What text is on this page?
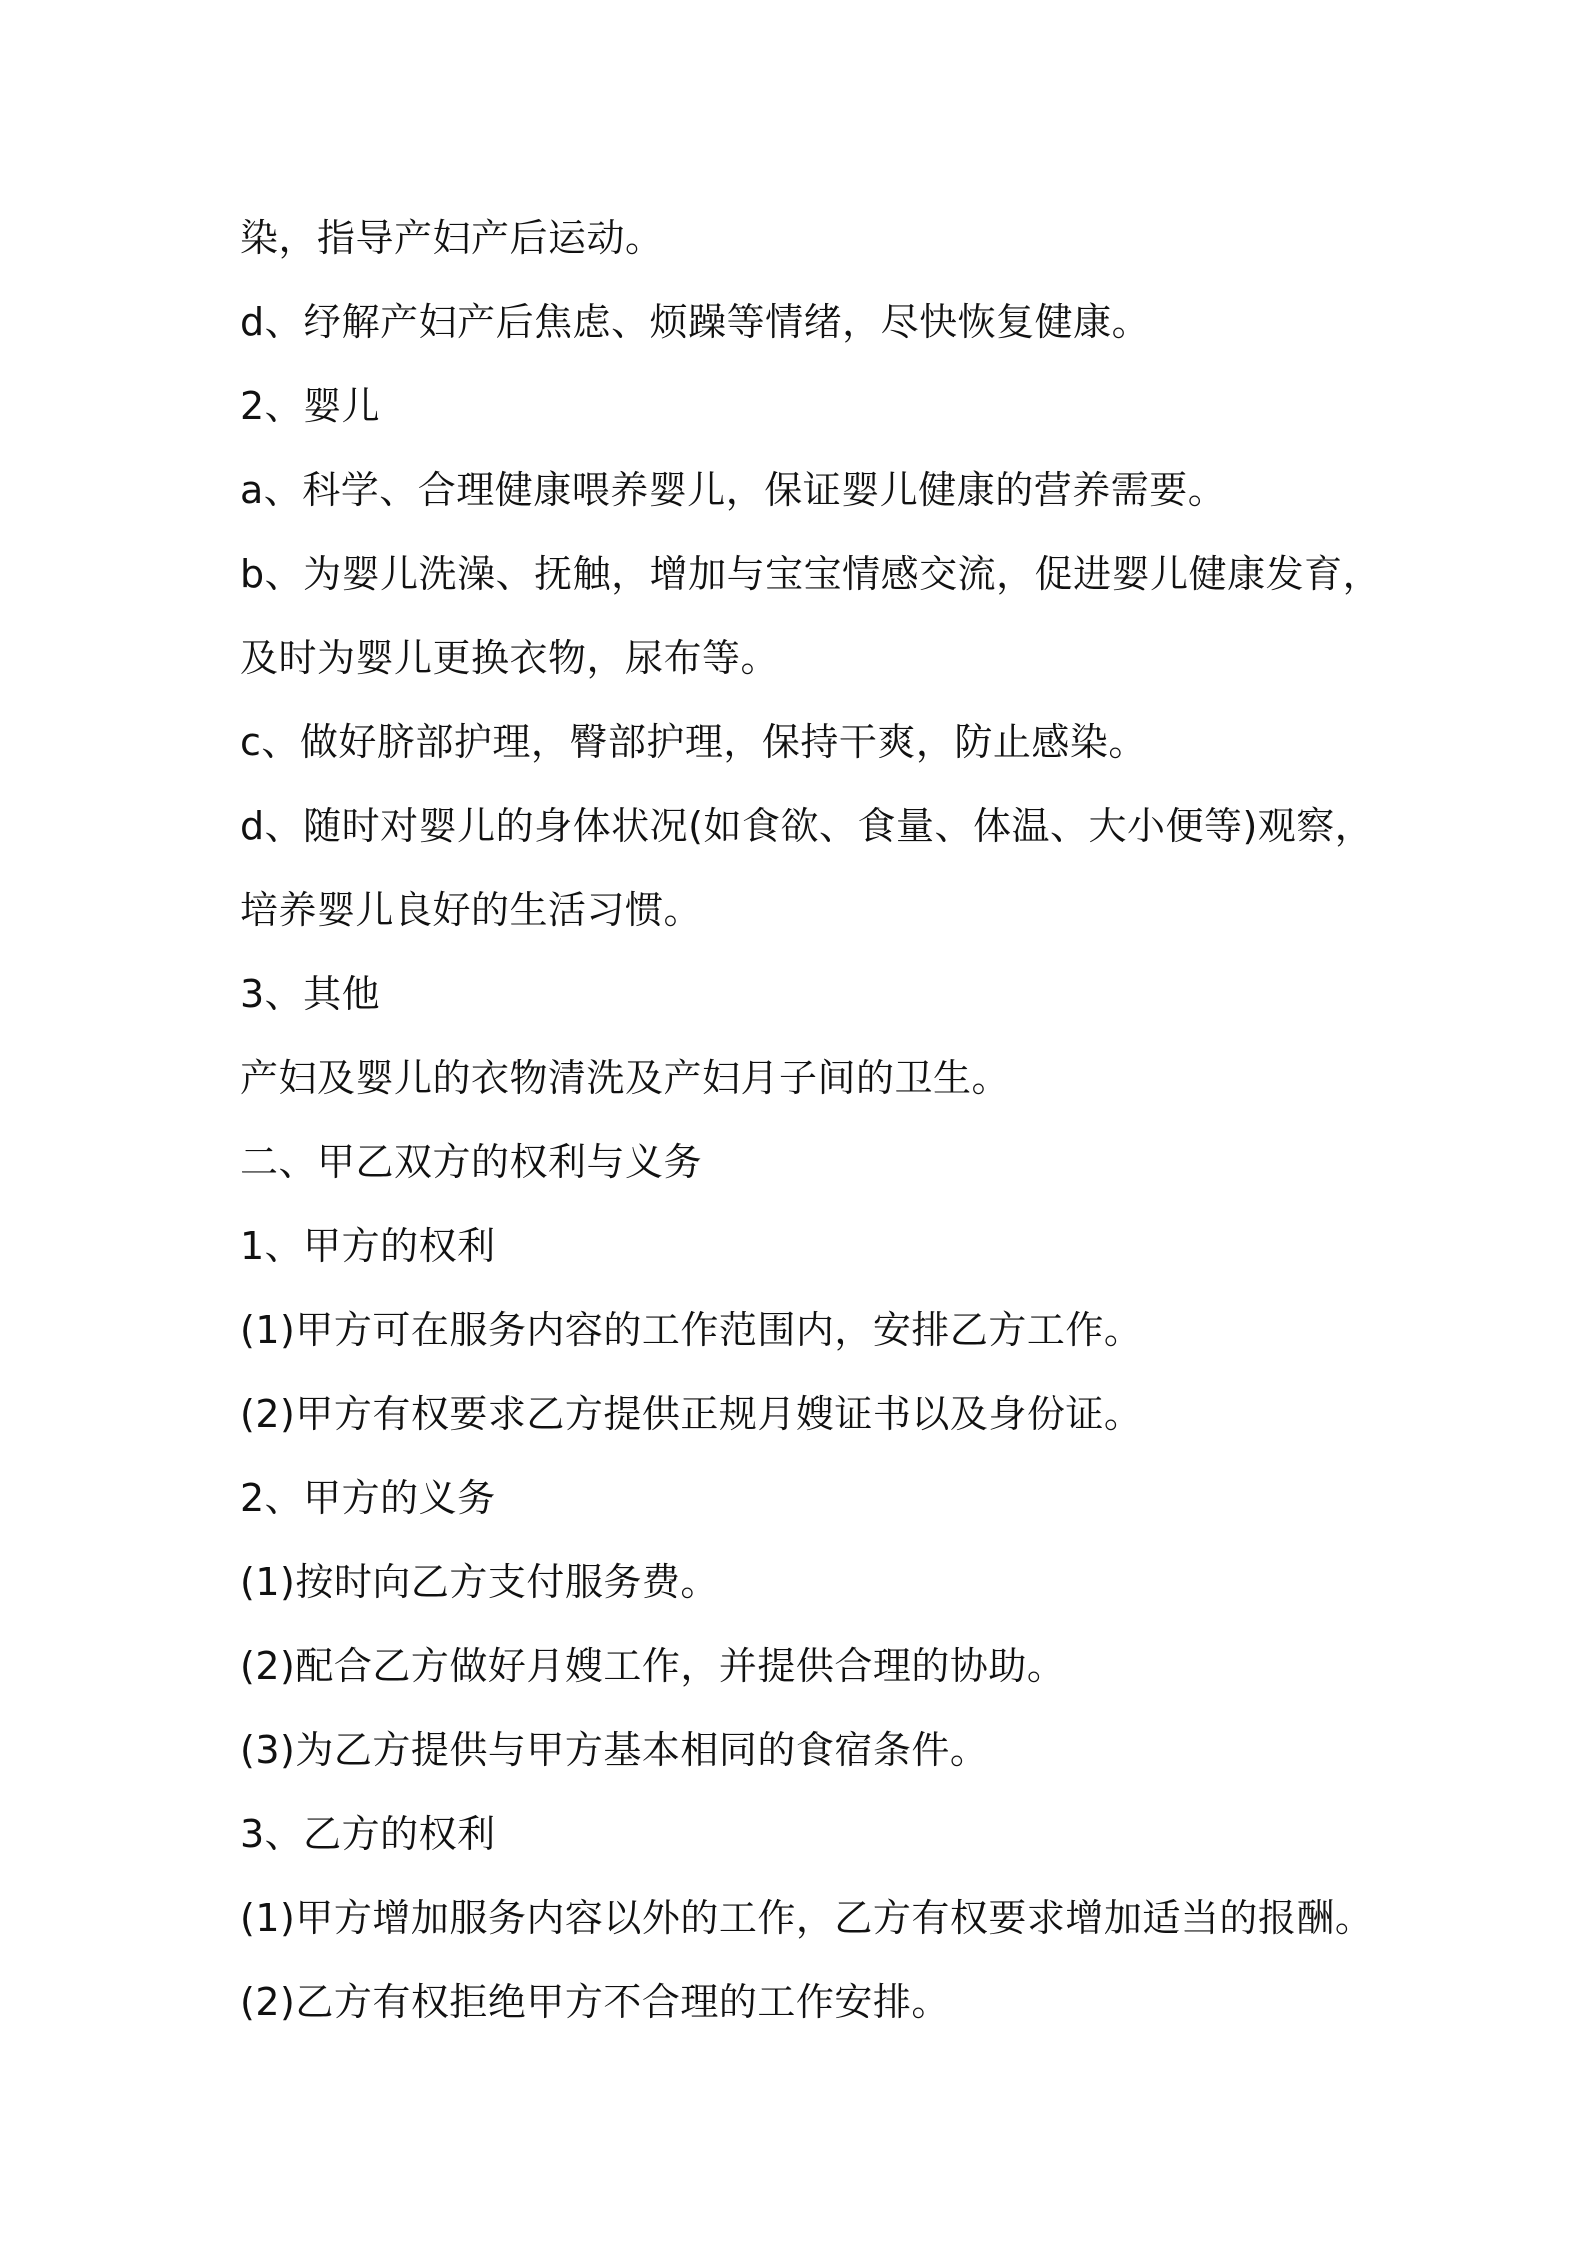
染，指导产妇产后运动。
d、纾解产妇产后焦虑、烦躁等情绪，尽快恢复健康。
2、婴儿
a、科学、合理健康喂养婴儿，保证婴儿健康的营养需要。
b、为婴儿洗澡、抚触，增加与宝宝情感交流，促进婴儿健康发育，
及时为婴儿更换衣物，尿布等。
c、做好脐部护理，臀部护理，保持干爽，防止感染。
d、随时对婴儿的身体状况(如食欲、食量、体温、大小便等)观察，
培养婴儿良好的生活习惯。
3、其他
产妇及婴儿的衣物清洗及产妇月子间的卫生。
二、甲乙双方的权利与义务
1、甲方的权利
(1)甲方可在服务内容的工作范围内，安排乙方工作。
(2)甲方有权要求乙方提供正规月嫂证书以及身份证。
2、甲方的义务
(1)按时向乙方支付服务费。
(2)配合乙方做好月嫂工作，并提供合理的协助。
(3)为乙方提供与甲方基本相同的食宿条件。
3、乙方的权利
(1)甲方增加服务内容以外的工作，乙方有权要求增加适当的报酬。
(2)乙方有权拒绝甲方不合理的工作安排。
